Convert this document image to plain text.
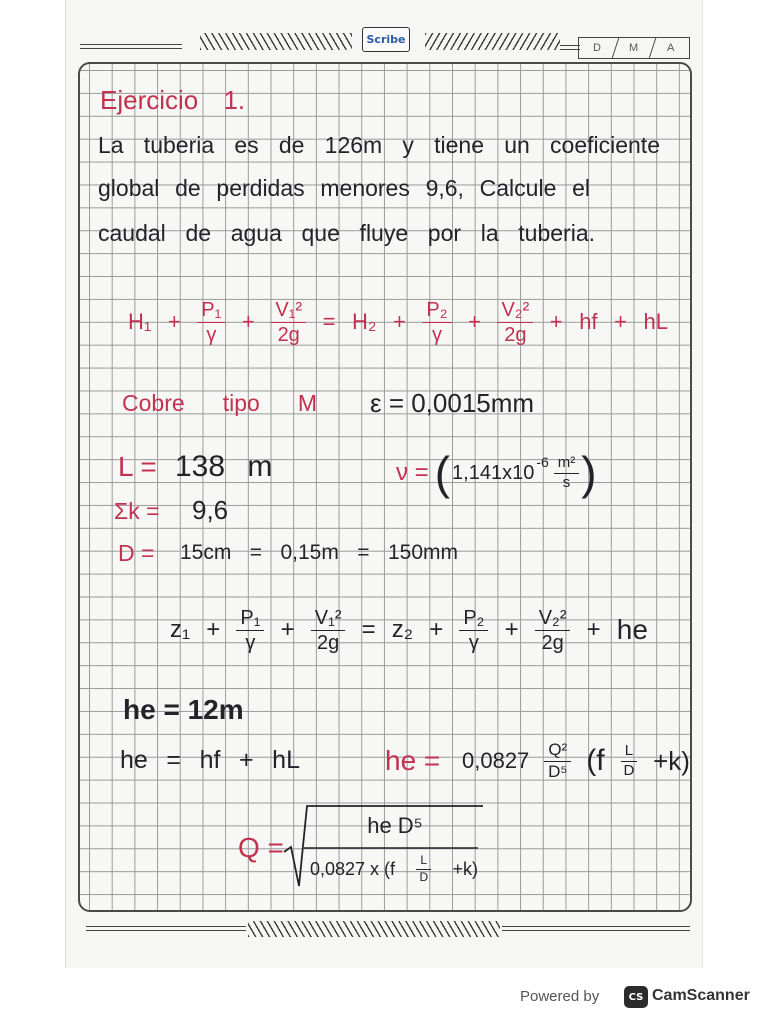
Scribe
D	M	A
Ejercicio 1.
La tuberia es de 126m y tiene un coeficiente
global de perdidas menores 9,6, Calcule el
caudal de agua que fluye por la tuberia.
$H_1 + \frac{\text{P₁}}{\gamma} + \frac{\text{V₁²}}{2g} = H_2 + \frac{\text{P₂}}{\gamma} + \frac{\text{V₂²}}{2g}$ + hf + hL
Cobre tipo M ε = 0,0015mm
L = 138 m	ν = ( 1,141x10 $-6 \frac{\text{m²}}{s}$ )
Σk = 9,6
D = 15cm = 0,15m = 150mm
$z_1 + \frac{\text{P₁}}{\gamma} + \frac{\text{V₁²}}{2g} = z_2 + \frac{\text{P₂}}{\gamma} + \frac{\text{V₂²}}{2g}$ + he
he = 12m
he = hf + hL	he = $0,0827 \frac{\text{Q²}}{\text{D⁵}} (f \frac{L}{D} +k)$
Q =
he D⁵
0,0827 x $(f \frac{L}{D} +k)$
Powered by	CS CamScanner
